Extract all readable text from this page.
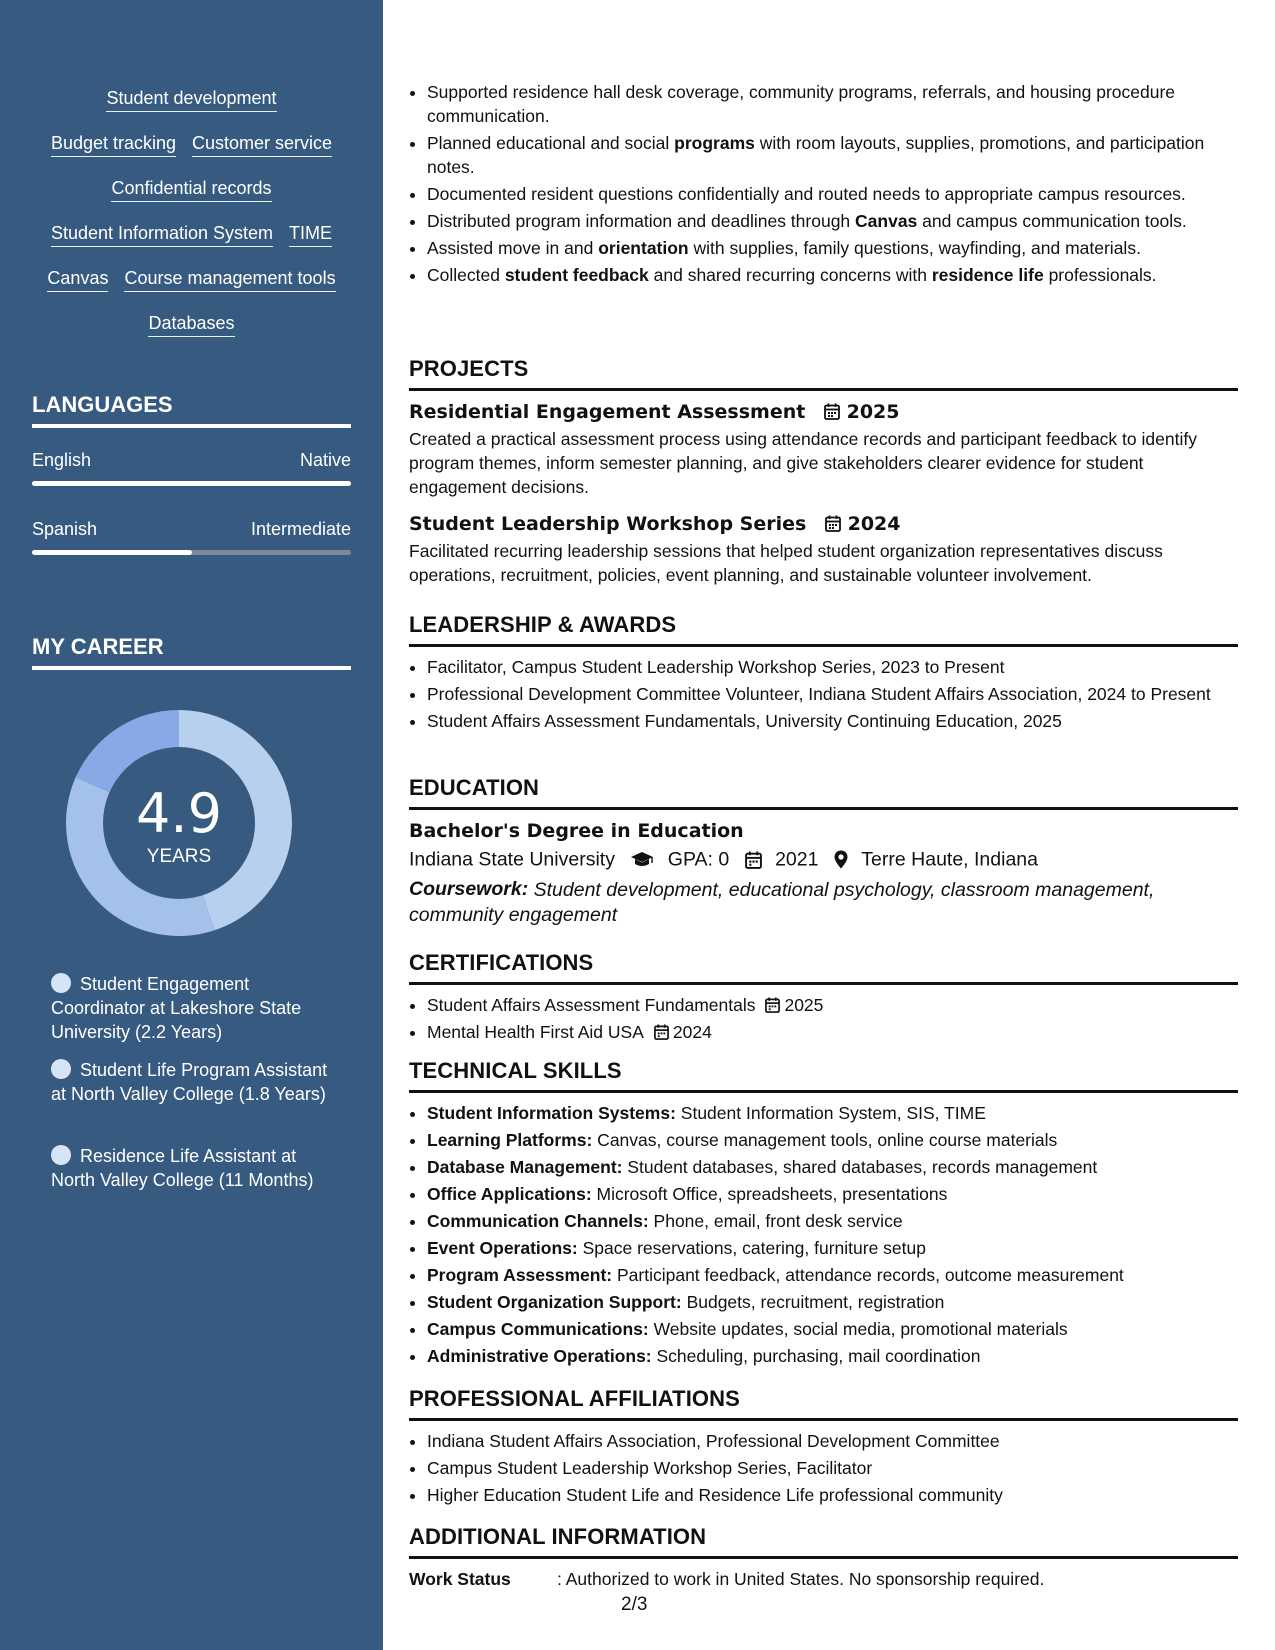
Student development
Budget tracking Customer service
Confidential records
Student Information System TIME
Canvas Course management tools
Databases
LANGUAGES
English	Native
Spanish	Intermediate
MY CAREER
4.9
YEARS
Student Engagement Coordinator at Lakeshore State University (2.2 Years)
Student Life Program Assistant at North Valley College (1.8 Years)
Residence Life Assistant at North Valley College (11 Months)
• Supported residence hall desk coverage, community programs, referrals, and housing procedure communication.
• Planned educational and social programs with room layouts, supplies, promotions, and participation notes.
• Documented resident questions confidentially and routed needs to appropriate campus resources.
• Distributed program information and deadlines through Canvas and campus communication tools.
• Assisted move in and orientation with supplies, family questions, wayfinding, and materials.
• Collected student feedback and shared recurring concerns with residence life professionals.
PROJECTS
Residential Engagement Assessment 2025
Created a practical assessment process using attendance records and participant feedback to identify program themes, inform semester planning, and give stakeholders clearer evidence for student engagement decisions.
Student Leadership Workshop Series 2024
Facilitated recurring leadership sessions that helped student organization representatives discuss operations, recruitment, policies, event planning, and sustainable volunteer involvement.
LEADERSHIP & AWARDS
• Facilitator, Campus Student Leadership Workshop Series, 2023 to Present
• Professional Development Committee Volunteer, Indiana Student Affairs Association, 2024 to Present
• Student Affairs Assessment Fundamentals, University Continuing Education, 2025
EDUCATION
Bachelor's Degree in Education
Indiana State University	GPA: 0 2021 Terre Haute, Indiana
Coursework: Student development, educational psychology, classroom management, community engagement
CERTIFICATIONS
• Student Affairs Assessment Fundamentals 2025
• Mental Health First Aid USA 2024
TECHNICAL SKILLS
• Student Information Systems: Student Information System, SIS, TIME
• Learning Platforms: Canvas, course management tools, online course materials
• Database Management: Student databases, shared databases, records management
• Office Applications: Microsoft Office, spreadsheets, presentations
• Communication Channels: Phone, email, front desk service
• Event Operations: Space reservations, catering, furniture setup
• Program Assessment: Participant feedback, attendance records, outcome measurement
• Student Organization Support: Budgets, recruitment, registration
• Campus Communications: Website updates, social media, promotional materials
• Administrative Operations: Scheduling, purchasing, mail coordination
PROFESSIONAL AFFILIATIONS
• Indiana Student Affairs Association, Professional Development Committee
• Campus Student Leadership Workshop Series, Facilitator
• Higher Education Student Life and Residence Life professional community
ADDITIONAL INFORMATION
Work Status	: Authorized to work in United States. No sponsorship required.
2/3
